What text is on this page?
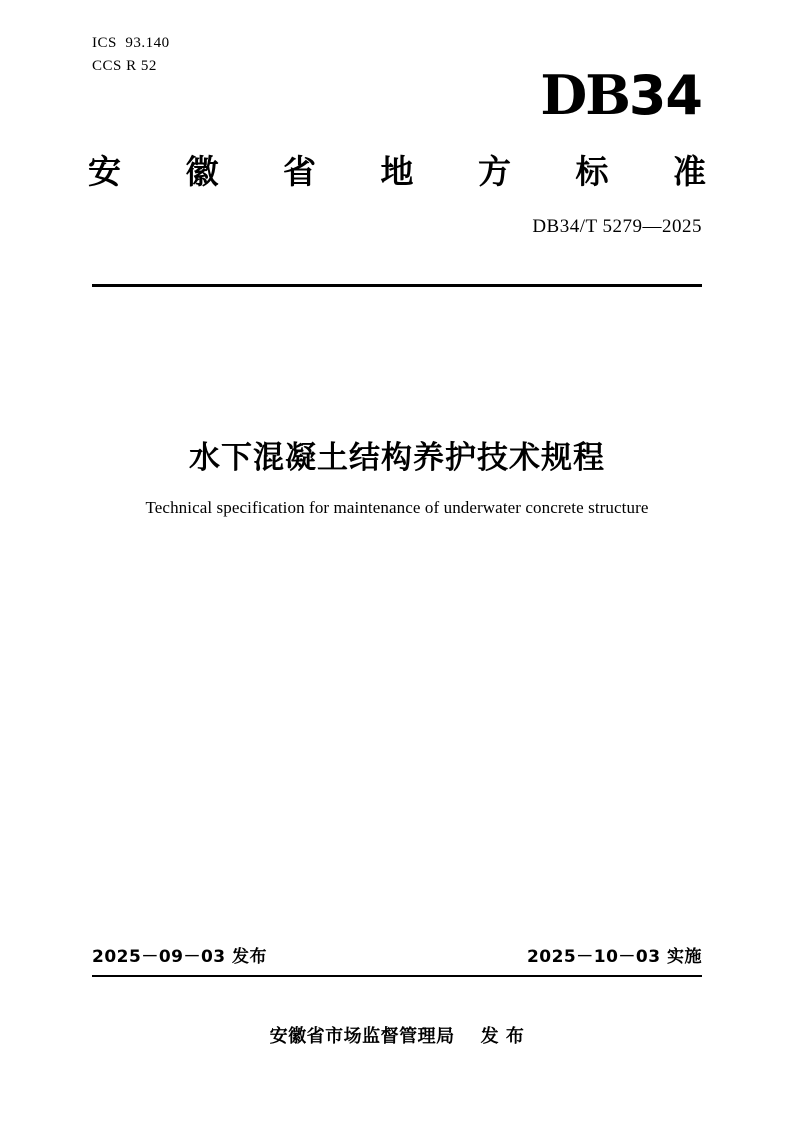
ICS  93.140
CCS R 52	DB34
安 徽 省 地 方 标 准
DB34/T 5279—2025
水下混凝土结构养护技术规程
Technical specification for maintenance of underwater concrete structure
2025－09－03 发布	2025－10－03 实施
安徽省市场监督管理局 发 布
